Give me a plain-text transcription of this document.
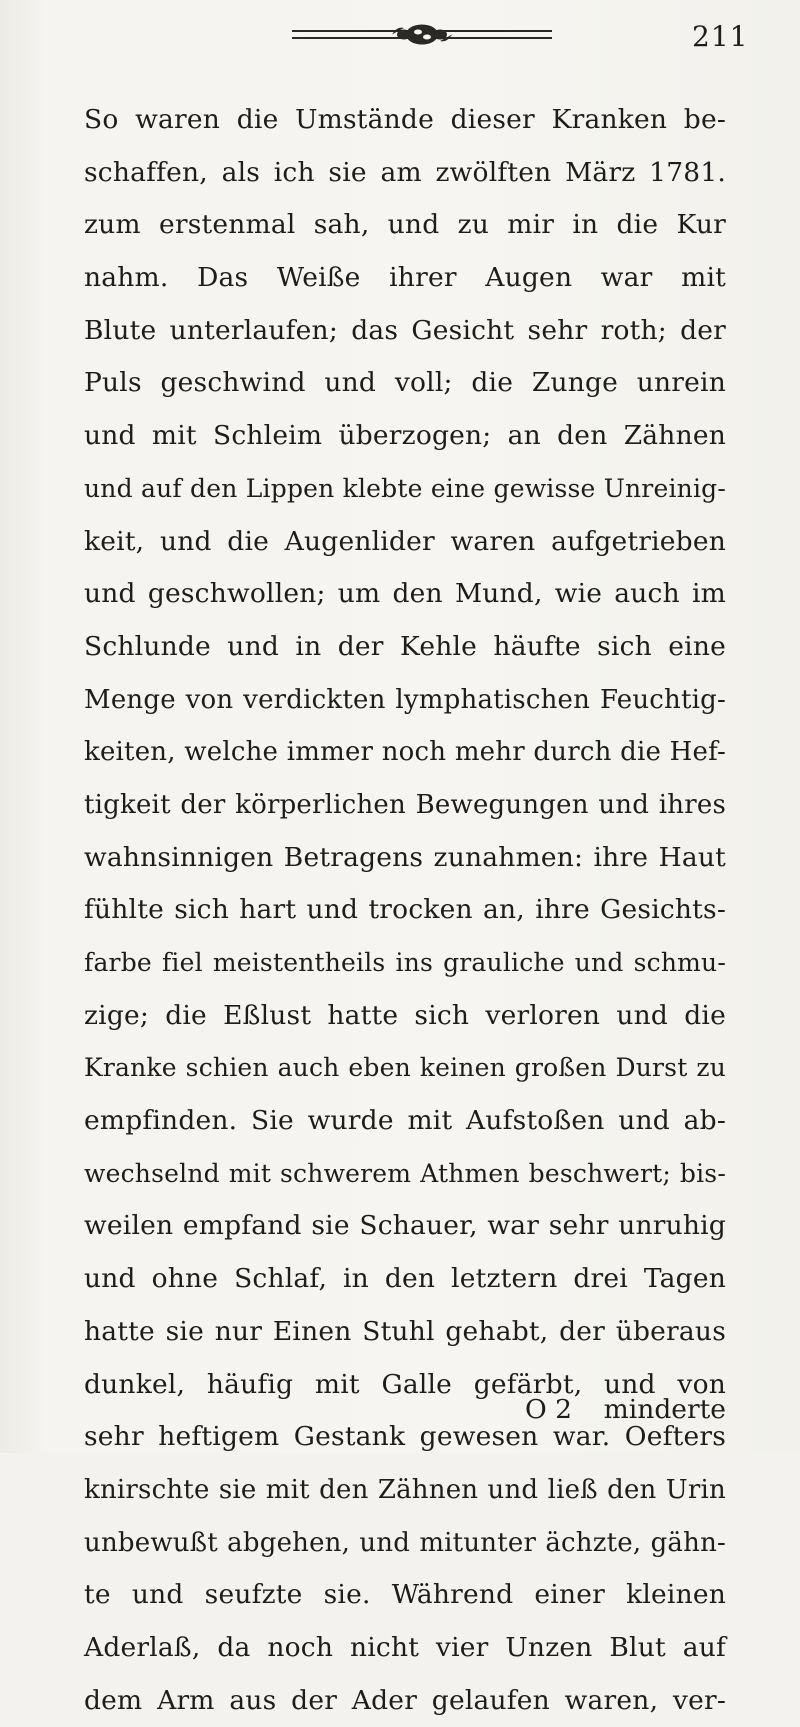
211
So waren die Umstände dieser Kranken be-
schaffen, als ich sie am zwölften März 1781.
zum erstenmal sah, und zu mir in die Kur
nahm. Das Weiße ihrer Augen war mit
Blute unterlaufen; das Gesicht sehr roth; der
Puls geschwind und voll; die Zunge unrein
und mit Schleim überzogen; an den Zähnen
und auf den Lippen klebte eine gewisse Unreinig-
keit, und die Augenlider waren aufgetrieben
und geschwollen; um den Mund, wie auch im
Schlunde und in der Kehle häufte sich eine
Menge von verdickten lymphatischen Feuchtig-
keiten, welche immer noch mehr durch die Hef-
tigkeit der körperlichen Bewegungen und ihres
wahnsinnigen Betragens zunahmen: ihre Haut
fühlte sich hart und trocken an, ihre Gesichts-
farbe fiel meistentheils ins grauliche und schmu-
zige; die Eßlust hatte sich verloren und die
Kranke schien auch eben keinen großen Durst zu
empfinden. Sie wurde mit Aufstoßen und ab-
wechselnd mit schwerem Athmen beschwert; bis-
weilen empfand sie Schauer, war sehr unruhig
und ohne Schlaf, in den letztern drei Tagen
hatte sie nur Einen Stuhl gehabt, der überaus
dunkel, häufig mit Galle gefärbt, und von
sehr heftigem Gestank gewesen war. Oefters
knirschte sie mit den Zähnen und ließ den Urin
unbewußt abgehen, und mitunter ächzte, gähn-
te und seufzte sie. Während einer kleinen
Aderlaß, da noch nicht vier Unzen Blut auf
dem Arm aus der Ader gelaufen waren, ver-
O 2 minderte
